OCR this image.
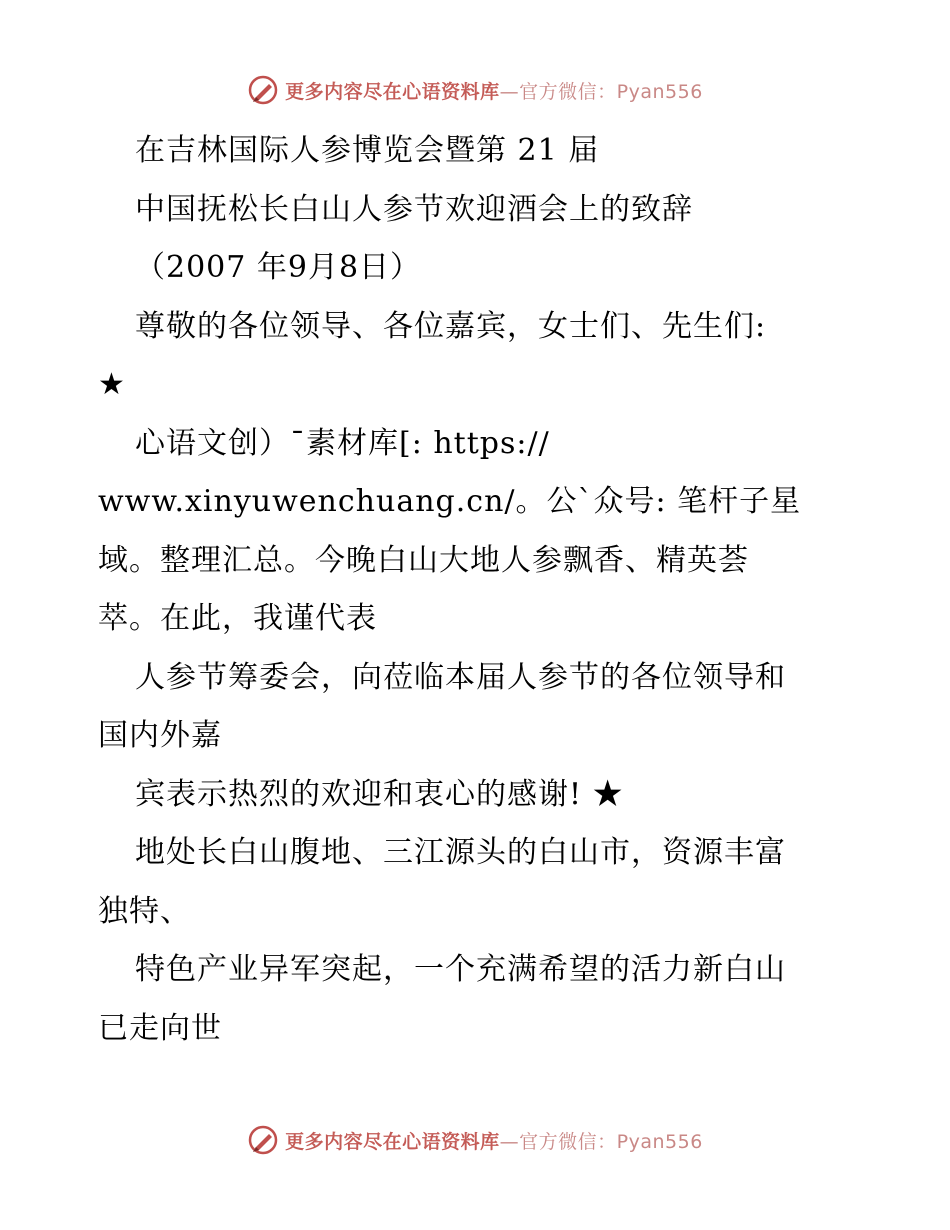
更多内容尽在心语资料库—官方微信：Pyan556
在吉林国际人参博览会暨第 21 届
中国抚松长白山人参节欢迎酒会上的致辞
（2007 年9月8日）
尊敬的各位领导、各位嘉宾，女士们、先生们:
★
心语文创）¯素材库[: https://
www.xinyuwenchuang.cn/。公`众号: 笔杆子星
域。整理汇总。今晚白山大地人参飘香、精英荟
萃。在此，我谨代表
人参节筹委会，向莅临本届人参节的各位领导和
国内外嘉
宾表示热烈的欢迎和衷心的感谢! ★
地处长白山腹地、三江源头的白山市，资源丰富
独特、
特色产业异军突起，一个充满希望的活力新白山
已走向世
更多内容尽在心语资料库—官方微信：Pyan556
